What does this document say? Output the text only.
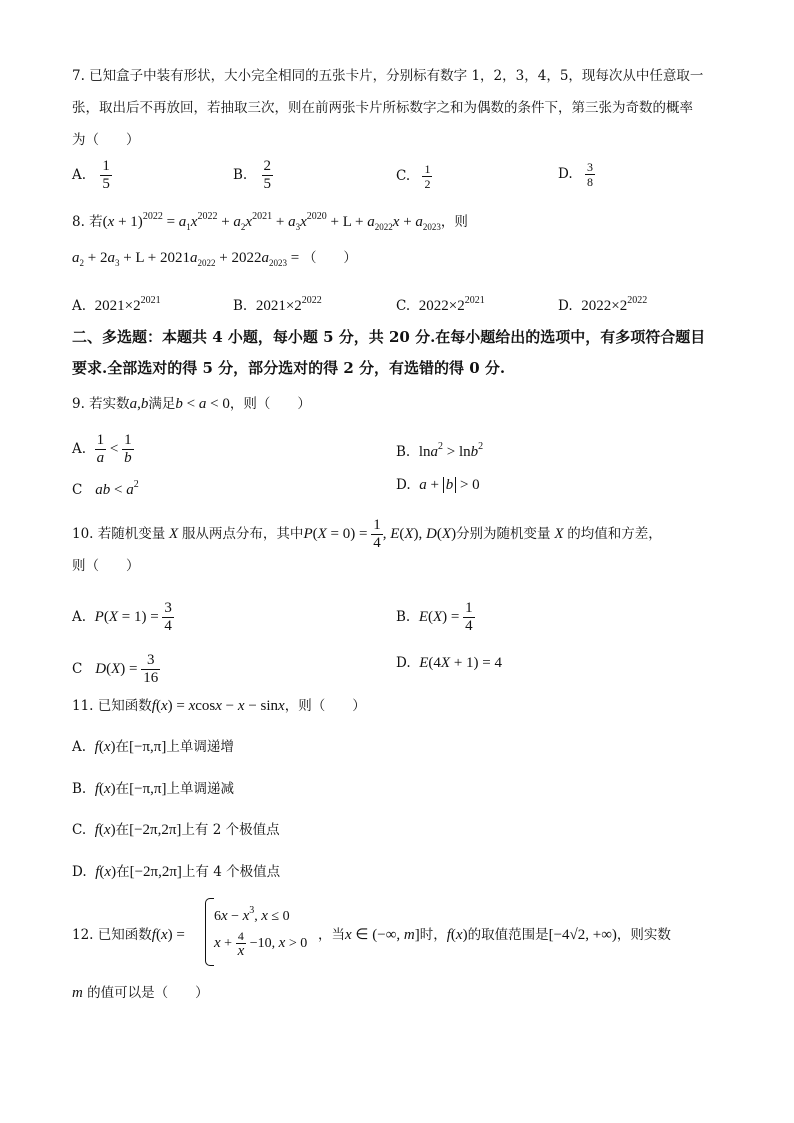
7. 已知盒子中装有形状，大小完全相同的五张卡片，分别标有数字 1，2，3，4，5，现每次从中任意取一
张，取出后不再放回，若抽取三次，则在前两张卡片所标数字之和为偶数的条件下，第三张为奇数的概率
为（　　）
A. $\frac{1}{5}$	B. $\frac{2}{5}$	C. $\frac{1}{2}$	D. $\frac{3}{8}$
8. 若$(x + 1)^{2022} = a_1x^{2022} + a_2x^{2021} + a_3x^{2020} + L + a_{2022}x + a_{2023}$，则
$a_2 + 2a_3 + L + 2021a_{2022} + 2022a_{2023}$ = （　　）
A. $2021\times 2^{2021}$	B. $2021\times 2^{2022}$	C. $2022\times 2^{2021}$	D. $2022\times 2^{2022}$
二、多选题：本题共 4 小题，每小题 5 分，共 20 分.在每小题给出的选项中，有多项符合题目
要求.全部选对的得 5 分，部分选对的得 2 分，有选错的得 0 分.
9. 若实数a,b满足b < a < 0，则（　　）
A. $\frac{1}{a} < \frac{1}{b}$	B. lna$^2$ > lnb$^2$
C ab < $a^2$	D. a + b > 0
10. 若随机变量 X 服从两点分布，其中$P(X = 0) = \frac{1}{4}$ , E(X), D(X)分别为随机变量 X 的均值和方差，
则（　　）
A. $P(X = 1) = \frac{3}{4}$	B. $E(X) = \frac{1}{4}$
C $D(X) = \frac{3}{16}$	D. E(4X + 1) = 4
11. 已知函数f(x) = xcosx − x − sinx，则（　　）
A. f(x)在[−π,π]上单调递增
B. f(x)在[−π,π]上单调递减
C. f(x)在[−2π,2π]上有 2 个极值点
D. f(x)在[−2π,2π]上有 4 个极值点
12. 已知函数f(x) =
$6x - x^3$, x ≤ 0
$x + \frac{4}{x} -10$, x > 0
，当x ∈ (−∞, m]时，f(x)的取值范围是[−4√2, +∞)，则实数
m 的值可以是（　　）
